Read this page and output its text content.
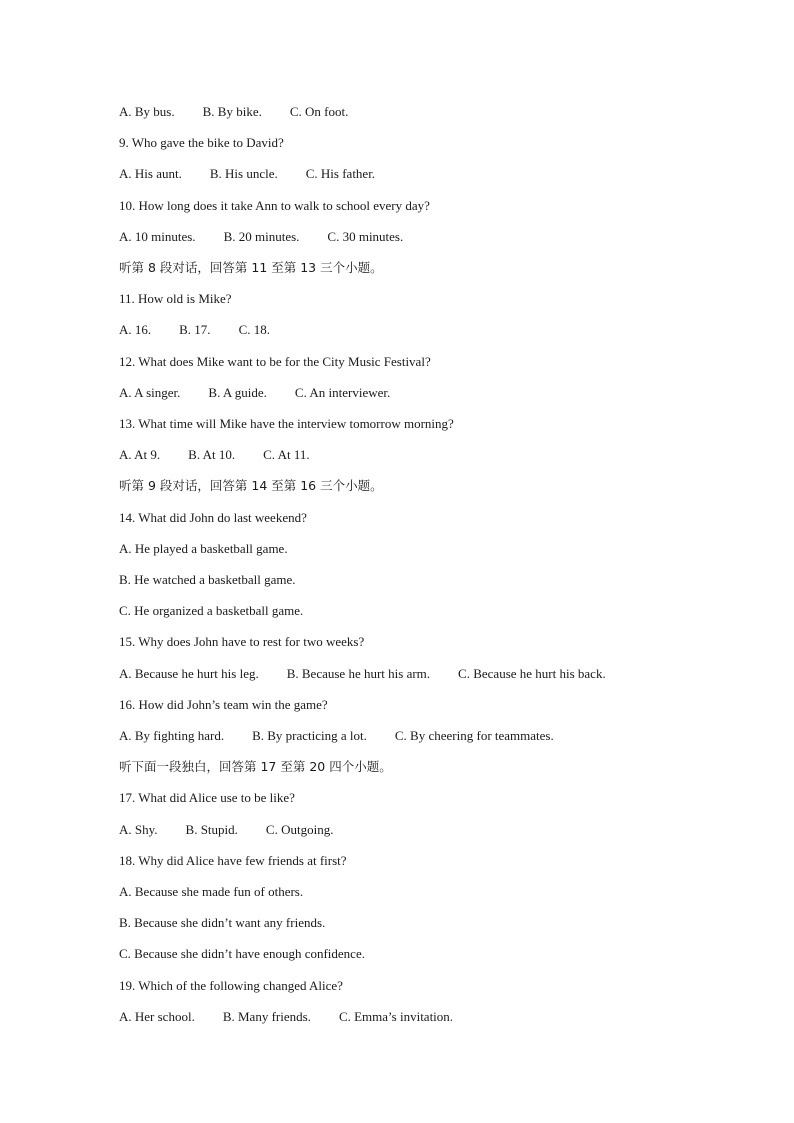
A. By bus. B. By bike. C. On foot.
9. Who gave the bike to David?
A. His aunt. B. His uncle. C. His father.
10. How long does it take Ann to walk to school every day?
A. 10 minutes. B. 20 minutes. C. 30 minutes.
听第 8 段对话，回答第 11 至第 13 三个小题。
11. How old is Mike?
A. 16. B. 17. C. 18.
12. What does Mike want to be for the City Music Festival?
A. A singer. B. A guide. C. An interviewer.
13. What time will Mike have the interview tomorrow morning?
A. At 9. B. At 10. C. At 11.
听第 9 段对话，回答第 14 至第 16 三个小题。
14. What did John do last weekend?
A. He played a basketball game.
B. He watched a basketball game.
C. He organized a basketball game.
15. Why does John have to rest for two weeks?
A. Because he hurt his leg. B. Because he hurt his arm. C. Because he hurt his back.
16. How did John’s team win the game?
A. By fighting hard. B. By practicing a lot. C. By cheering for teammates.
听下面一段独白，回答第 17 至第 20 四个小题。
17. What did Alice use to be like?
A. Shy. B. Stupid. C. Outgoing.
18. Why did Alice have few friends at first?
A. Because she made fun of others.
B. Because she didn’t want any friends.
C. Because she didn’t have enough confidence.
19. Which of the following changed Alice?
A. Her school. B. Many friends. C. Emma’s invitation.
